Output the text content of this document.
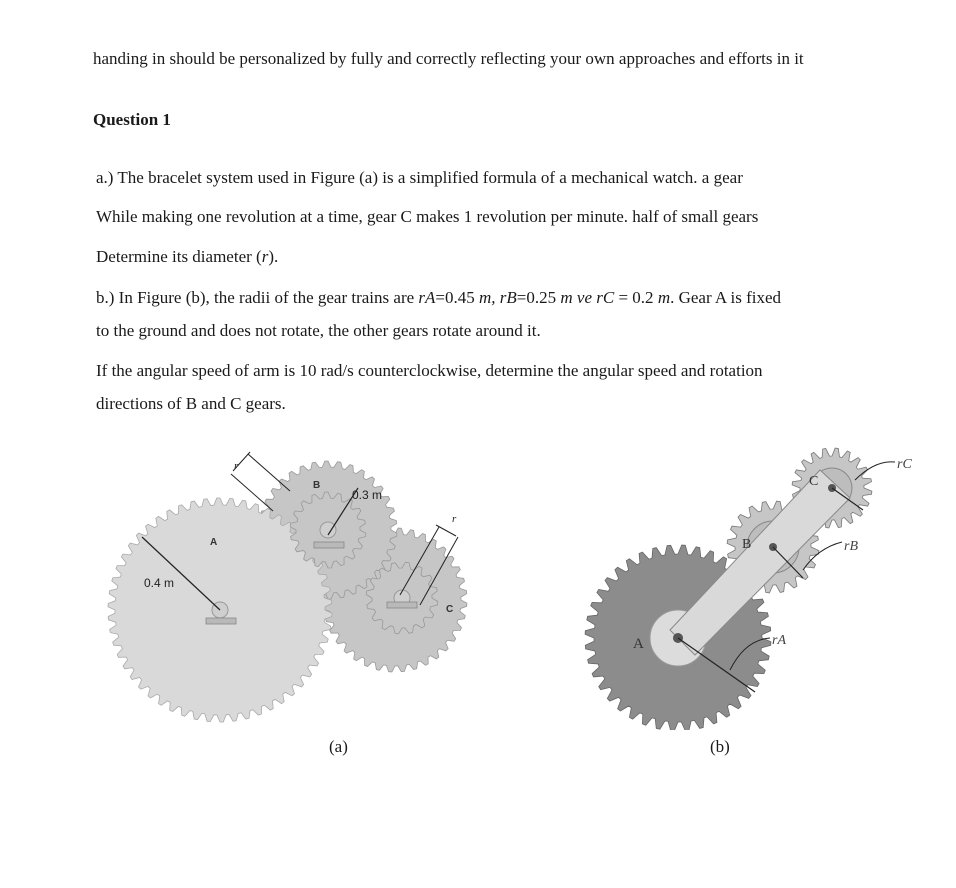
handing in should be personalized by fully and correctly reflecting your own approaches and efforts in it
Question 1
a.) The bracelet system used in Figure (a) is a simplified formula of a mechanical watch. a gear
While making one revolution at a time, gear C makes 1 revolution per minute. half of small gears
Determine its diameter (r).
b.) In Figure (b), the radii of the gear trains are rA=0.45 m, rB=0.25 m ve rC = 0.2 m. Gear A is fixed
to the ground and does not rotate, the other gears rotate around it.
If the angular speed of arm is 10 rad/s counterclockwise, determine the angular speed and rotation
directions of B and C gears.
A
B
C
r
r
0.4 m
0.3 m
(a)
A
B
C
rA
rB
rC
(b)
